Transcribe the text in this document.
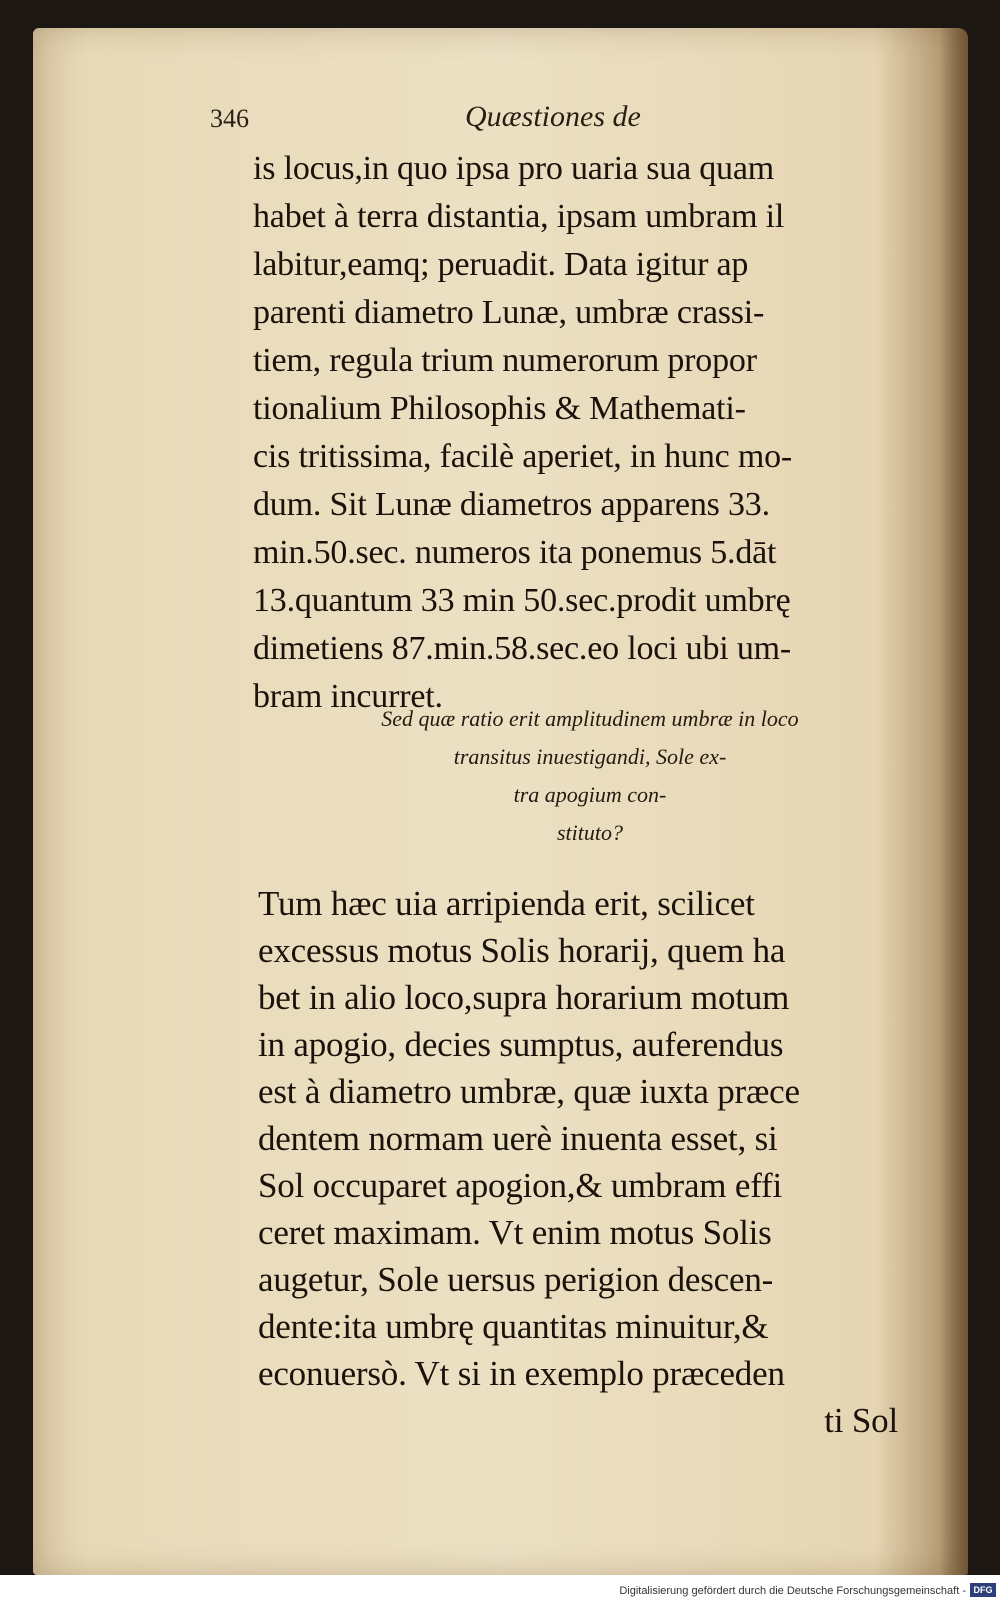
346	Quæstiones de
is locus,in quo ipsa pro uaria sua quam
habet à terra distantia, ipsam umbram il
labitur,eamq; peruadit. Data igitur ap
parenti diametro Lunæ, umbræ crassi-
tiem, regula trium numerorum propor
tionalium Philosophis & Mathemati-
cis tritissima, facilè aperiet, in hunc mo-
dum. Sit Lunæ diametros apparens 33.
min.50.sec. numeros ita ponemus 5.dāt
13.quantum 33 min 50.sec.prodit umbrę
dimetiens 87.min.58.sec.eo loci ubi um-
bram incurret.
Sed quæ ratio erit amplitudinem umbræ in loco
transitus inuestigandi, Sole ex-
tra apogium con-
stituto?
Tum hæc uia arripienda erit, scilicet
excessus motus Solis horarij, quem ha
bet in alio loco,supra horarium motum
in apogio, decies sumptus, auferendus
est à diametro umbræ, quæ iuxta præce
dentem normam uerè inuenta esset, si
Sol occuparet apogion,& umbram effi
ceret maximam. Vt enim motus Solis
augetur, Sole uersus perigion descen-
dente:ita umbrę quantitas minuitur,&
econuersò. Vt si in exemplo præceden
ti Sol
Digitalisierung gefördert durch die Deutsche Forschungsgemeinschaft - DFG
